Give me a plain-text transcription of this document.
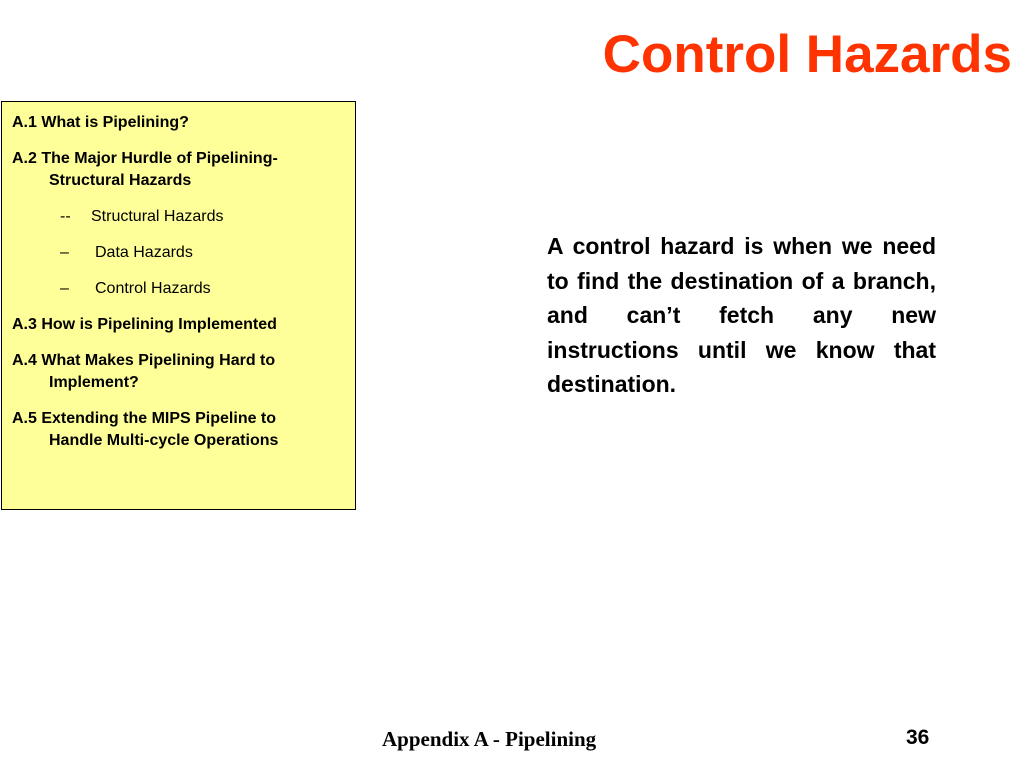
Control Hazards
A.1 What is Pipelining?
A.2 The Major Hurdle of Pipelining-
Structural Hazards
-- Structural Hazards
– Data Hazards
– Control Hazards
A.3 How is Pipelining Implemented
A.4 What Makes Pipelining Hard to
Implement?
A.5 Extending the MIPS Pipeline to
Handle Multi-cycle Operations

A control hazard is when we need to find the destination of a branch, and can’t fetch any new instructions until we know that destination.

Appendix A - Pipelining	36
